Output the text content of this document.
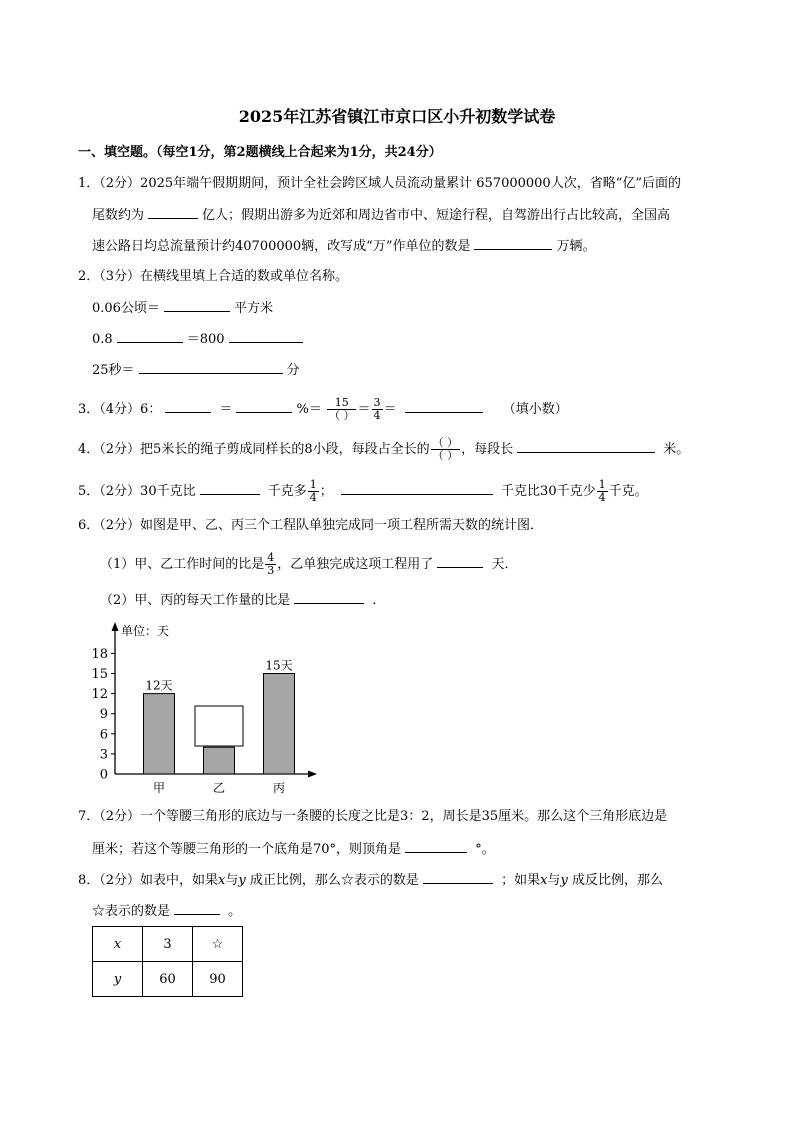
2025年江苏省镇江市京口区小升初数学试卷
一、填空题。（每空1分，第2题横线上合起来为1分，共24分）
1．（2分）2025年端午假期期间，预计全社会跨区域人员流动量累计 657000000人次，省略“亿”后面的
尾数约为	亿人；假期出游多为近郊和周边省市中、短途行程，自驾游出行占比较高，全国高
速公路日均总流量预计约40700000辆，改写成“万”作单位的数是	万辆。
2．（3分）在横线里填上合适的数或单位名称。
0.06公顷＝	平方米
0.8	＝800
25秒＝	分
3．（4分）6：	＝	%＝ $\frac{15}{( )} = \frac{3}{4}$ ＝	（填小数）
4．（2分）把5米长的绳子剪成同样长的8小段，每段占全长的 $\frac{( )}{( )}$ ，每段长	米。
5．（2分）30千克比	千克多 $\frac{1}{4}$ ；	千克比30千克少 $\frac{1}{4}$ 千克。
6．（2分）如图是甲、乙、丙三个工程队单独完成同一项工程所需天数的统计图．
（1）甲、乙工作时间的比是 $\frac{4}{3}$ ，乙单独完成这项工程用了	天．
（2）甲、丙的每天工作量的比是	．
单位：天
0
3
6
9
12
15
18
甲
12天
乙	丙
15天
7．（2分）一个等腰三角形的底边与一条腰的长度之比是3：2，周长是35厘米。那么这个三角形底边是
厘米；若这个等腰三角形的一个底角是70°，则顶角是	°。
8．（2分）如表中，如果x与y 成正比例，那么☆表示的数是	；如果x与y 成反比例，那么
☆表示的数是	。
x	3	☆
y	60	90
